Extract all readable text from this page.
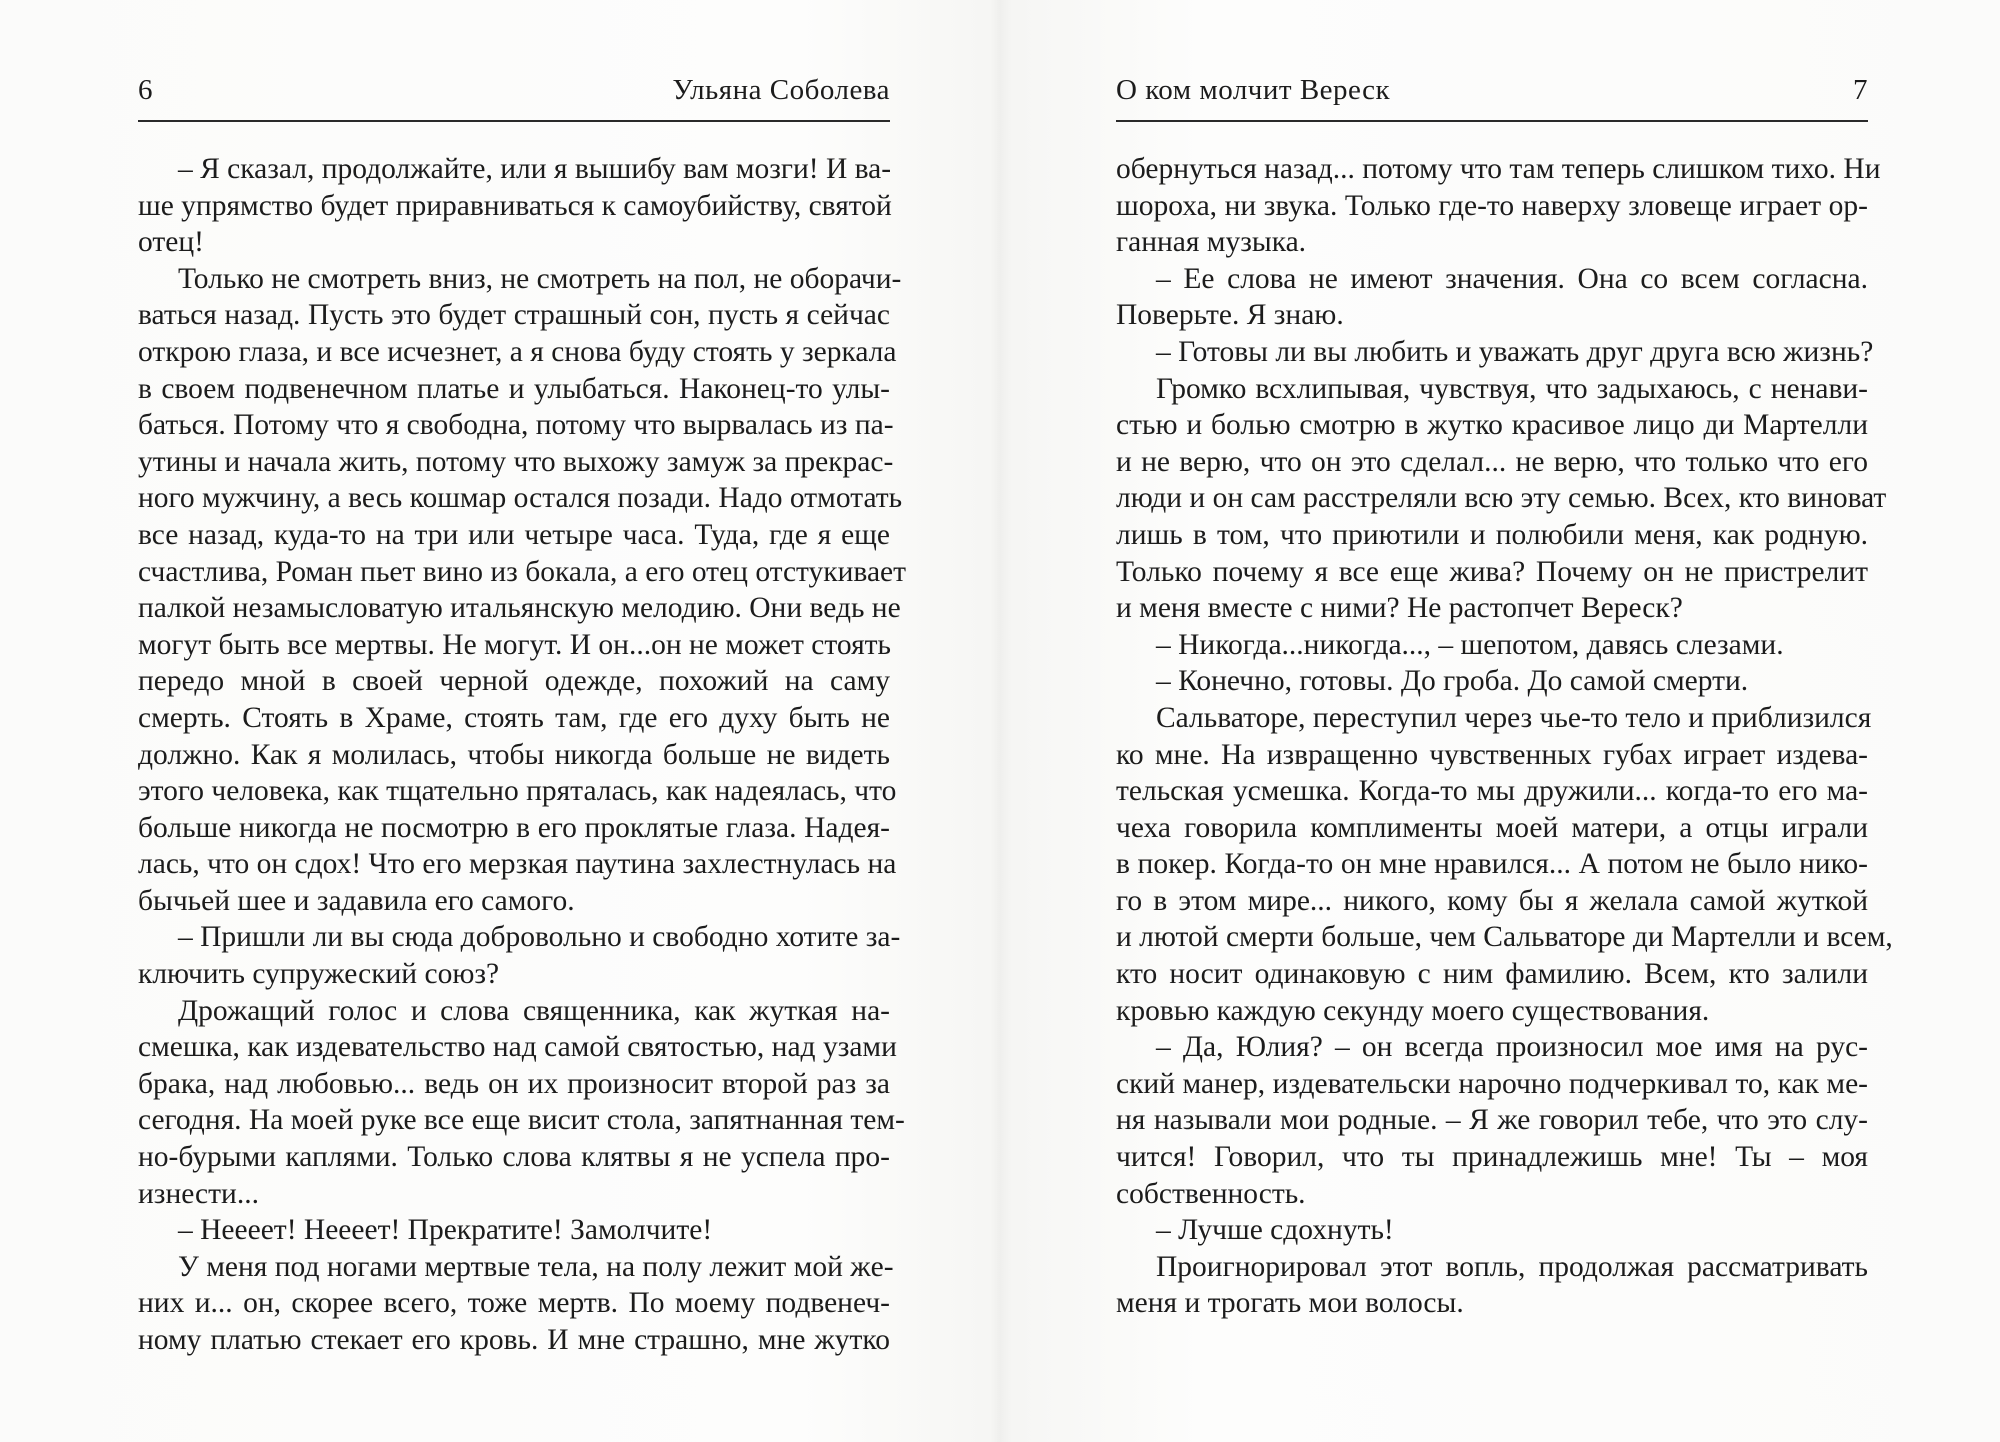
6	Ульяна Соболева
– Я сказал, продолжайте, или я вышибу вам мозги! И ва-
ше упрямство будет приравниваться к самоубийству, святой
отец!
Только не смотреть вниз, не смотреть на пол, не оборачи-
ваться назад. Пусть это будет страшный сон, пусть я сейчас
открою глаза, и все исчезнет, а я снова буду стоять у зеркала
в своем подвенечном платье и улыбаться. Наконец-то улы-
баться. Потому что я свободна, потому что вырвалась из па-
утины и начала жить, потому что выхожу замуж за прекрас-
ного мужчину, а весь кошмар остался позади. Надо отмотать
все назад, куда-то на три или четыре часа. Туда, где я еще
счастлива, Роман пьет вино из бокала, а его отец отстукивает
палкой незамысловатую итальянскую мелодию. Они ведь не
могут быть все мертвы. Не могут. И он...он не может стоять
передо мной в своей черной одежде, похожий на саму
смерть. Стоять в Храме, стоять там, где его духу быть не
должно. Как я молилась, чтобы никогда больше не видеть
этого человека, как тщательно пряталась, как надеялась, что
больше никогда не посмотрю в его проклятые глаза. Надея-
лась, что он сдох! Что его мерзкая паутина захлестнулась на
бычьей шее и задавила его самого.
– Пришли ли вы сюда добровольно и свободно хотите за-
ключить супружеский союз?
Дрожащий голос и слова священника, как жуткая на-
смешка, как издевательство над самой святостью, над узами
брака, над любовью... ведь он их произносит второй раз за
сегодня. На моей руке все еще висит стола, запятнанная тем-
но-бурыми каплями. Только слова клятвы я не успела про-
изнести...
– Нееeeт! Нееeeт! Прекратите! Замолчите!
У меня под ногами мертвые тела, на полу лежит мой жe-
них и... он, скорее всего, тоже мертв. По моему подвенеч-
ному платью стекает его кровь. И мне страшно, мне жутко
О ком молчит Вереск	7
обернуться назад... потому что там теперь слишком тихо. Ни
шороха, ни звука. Только где-то наверху зловеще играет ор-
ганная музыка.
– Ее слова не имеют значения. Она со всем согласна.
Поверьте. Я знаю.
– Готовы ли вы любить и уважать друг друга всю жизнь?
Громко всхлипывая, чувствуя, что задыхаюсь, с ненави-
стью и болью смотрю в жутко красивое лицо ди Мартелли
и не верю, что он это сделал... не верю, что только что его
люди и он сам расстреляли всю эту семью. Всех, кто виноват
лишь в том, что приютили и полюбили меня, как родную.
Только почему я все еще жива? Почему он не пристрелит
и меня вместе с ними? Не растопчет Вереск?
– Никогда...никогда..., – шепотом, давясь слезами.
– Конечно, готовы. До гроба. До самой смерти.
Сальваторе, переступил через чье-то тело и приблизился
ко мне. На извращенно чувственных губах играет издева-
тельская усмешка. Когда-то мы дружили... когда-то его ма-
чеха говорила комплименты моей матери, а отцы играли
в покер. Когда-то он мне нравился... А потом не было нико-
го в этом мире... никого, кому бы я желала самой жуткой
и лютой смерти больше, чем Сальваторе ди Мартелли и всем,
кто носит одинаковую с ним фамилию. Всем, кто залили
кровью каждую секунду моего существования.
– Да, Юлия? – он всегда произносил мое имя на рус-
ский манер, издевательски нарочно подчеркивал то, как ме-
ня называли мои родные. – Я же говорил тебе, что это слу-
чится! Говорил, что ты принадлежишь мне! Ты – моя
собственность.
– Лучше сдохнуть!
Проигнорировал этот вопль, продолжая рассматривать
меня и трогать мои волосы.
